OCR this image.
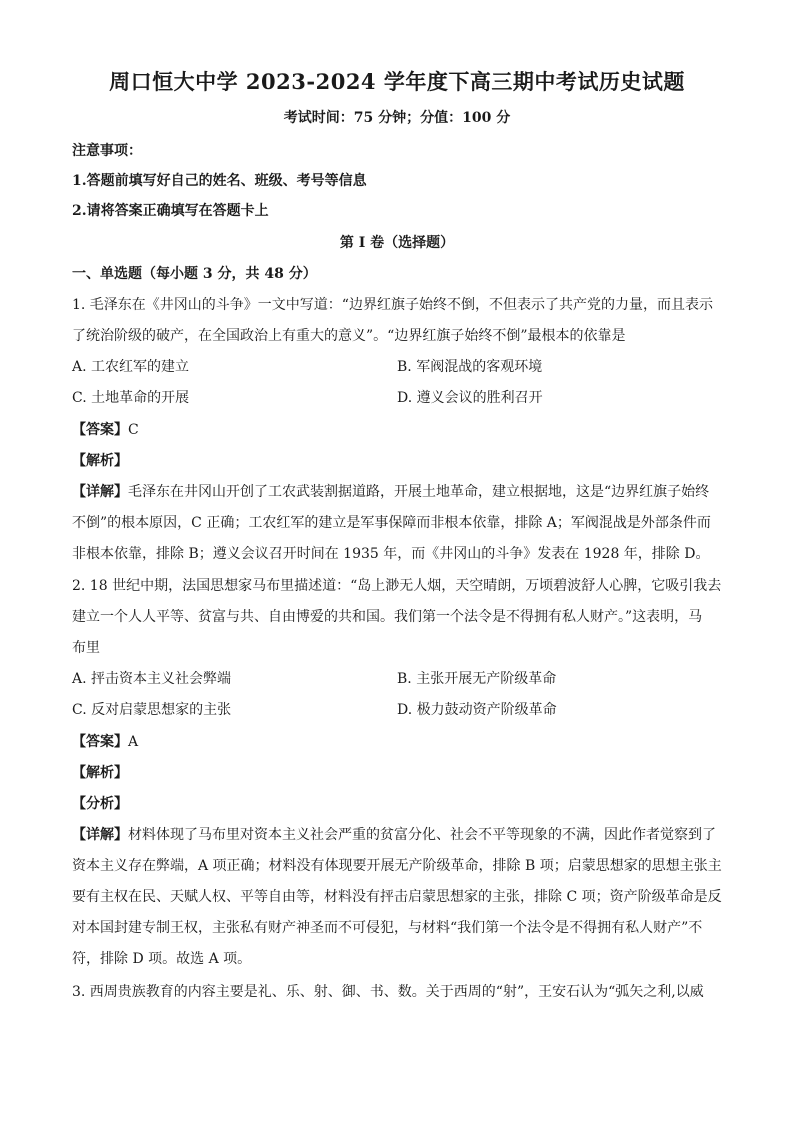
周口恒大中学 2023-2024 学年度下高三期中考试历史试题
考试时间：75 分钟；分值：100 分
注意事项：
1.答题前填写好自己的姓名、班级、考号等信息
2.请将答案正确填写在答题卡上
第 I 卷（选择题）
一、单选题（每小题 3 分，共 48 分）
1. 毛泽东在《井冈山的斗争》一文中写道：“边界红旗子始终不倒，不但表示了共产党的力量，而且表示
了统治阶级的破产，在全国政治上有重大的意义”。“边界红旗子始终不倒”最根本的依靠是
A. 工农红军的建立	B. 军阀混战的客观环境
C. 土地革命的开展	D. 遵义会议的胜利召开
【答案】C
【解析】
【详解】毛泽东在井冈山开创了工农武装割据道路，开展土地革命，建立根据地，这是“边界红旗子始终
不倒”的根本原因，C 正确；工农红军的建立是军事保障而非根本依靠，排除 A；军阀混战是外部条件而
非根本依靠，排除 B；遵义会议召开时间在 1935 年，而《井冈山的斗争》发表在 1928 年，排除 D。
2. 18 世纪中期，法国思想家马布里描述道：“岛上渺无人烟，天空晴朗，万顷碧波舒人心脾，它吸引我去
建立一个人人平等、贫富与共、自由博爱的共和国。我们第一个法令是不得拥有私人财产。”这表明，马
布里
A. 抨击资本主义社会弊端	B. 主张开展无产阶级革命
C. 反对启蒙思想家的主张	D. 极力鼓动资产阶级革命
【答案】A
【解析】
【分析】
【详解】材料体现了马布里对资本主义社会严重的贫富分化、社会不平等现象的不满，因此作者觉察到了
资本主义存在弊端，A 项正确；材料没有体现要开展无产阶级革命，排除 B 项；启蒙思想家的思想主张主
要有主权在民、天赋人权、平等自由等，材料没有抨击启蒙思想家的主张，排除 C 项；资产阶级革命是反
对本国封建专制王权，主张私有财产神圣而不可侵犯，与材料“我们第一个法令是不得拥有私人财产”不
符，排除 D 项。故选 A 项。
3. 西周贵族教育的内容主要是礼、乐、射、御、书、数。关于西周的“射”，王安石认为“弧矢之利,以威
